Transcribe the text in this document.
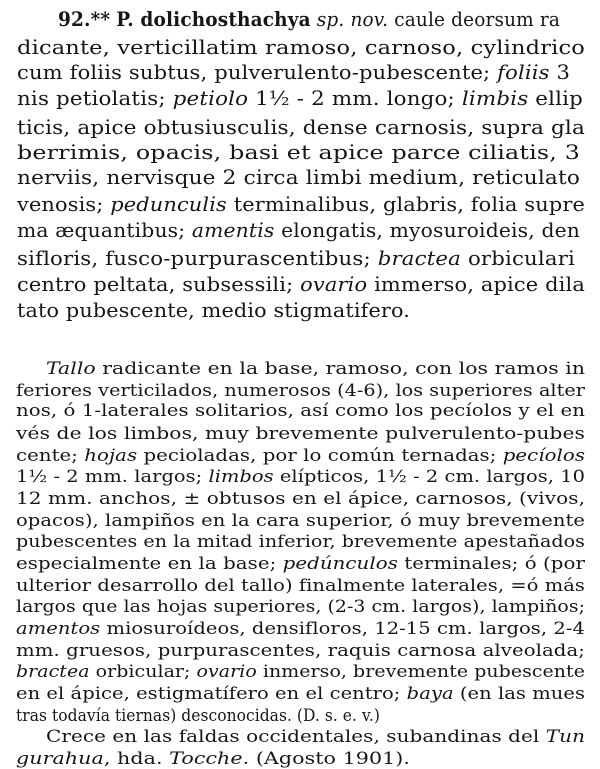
92.** P. dolichosthachya sp. nov. caule deorsum ra
dicante, verticillatim ramoso, carnoso, cylindrico
cum foliis subtus, pulverulento-pubescente; foliis 3
nis petiolatis; petiolo 1½ - 2 mm. longo; limbis ellip
ticis, apice obtusiusculis, dense carnosis, supra gla
berrimis, opacis, basi et apice parce ciliatis, 3
nerviis, nervisque 2 circa limbi medium, reticulato
venosis; pedunculis terminalibus, glabris, folia supre
ma æquantibus; amentis elongatis, myosuroideis, den
sifloris, fusco-purpurascentibus; bractea orbiculari
centro peltata, subsessili; ovario immerso, apice dila
tato pubescente, medio stigmatifero.
Tallo radicante en la base, ramoso, con los ramos in
feriores verticilados, numerosos (4-6), los superiores alter
nos, ó 1-laterales solitarios, así como los pecíolos y el en
vés de los limbos, muy brevemente pulverulento-pubes
cente; hojas pecioladas, por lo común ternadas; pecíolos
1½ - 2 mm. largos; limbos elípticos, 1½ - 2 cm. largos, 10
12 mm. anchos, ± obtusos en el ápice, carnosos, (vivos,
opacos), lampiños en la cara superior, ó muy brevemente
pubescentes en la mitad inferior, brevemente apestañados
especialmente en la base; pedúnculos terminales; ó (por
ulterior desarrollo del tallo) finalmente laterales, =ó más
largos que las hojas superiores, (2-3 cm. largos), lampiños;
amentos miosuroídeos, densifloros, 12-15 cm. largos, 2-4
mm. gruesos, purpurascentes, raquis carnosa alveolada;
bractea orbicular; ovario inmerso, brevemente pubescente
en el ápice, estigmatífero en el centro; baya (en las mues
tras todavía tiernas) desconocidas. (D. s. e. v.)
Crece en las faldas occidentales, subandinas del Tun
gurahua, hda. Tocche. (Agosto 1901).
